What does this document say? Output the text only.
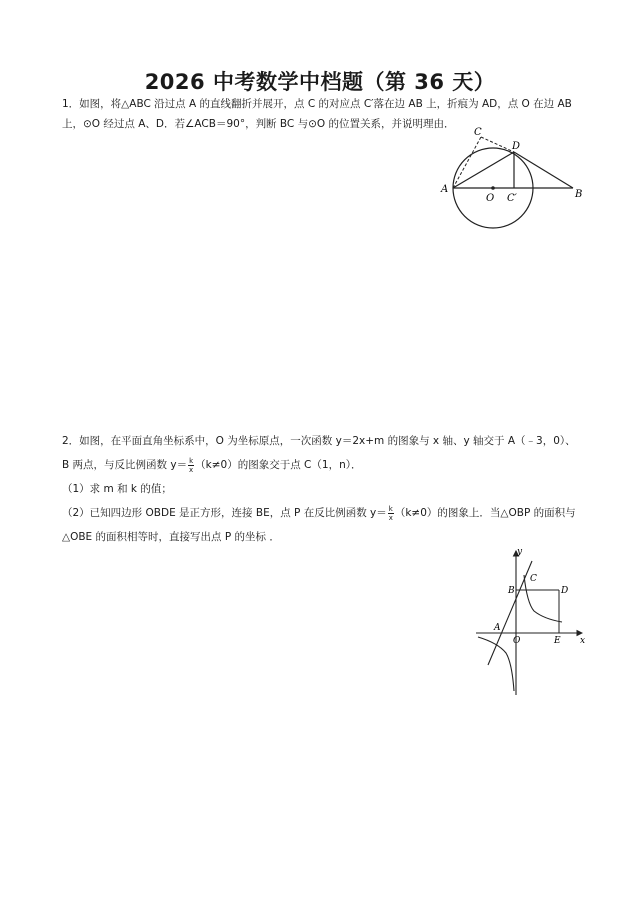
2026 中考数学中档题（第 36 天）
1．如图，将△ABC 沿过点 A 的直线翻折并展开，点 C 的对应点 C′落在边 AB 上，折痕为 AD，点 O 在边 AB
上，⊙O 经过点 A、D．若∠ACB＝90°，判断 BC 与⊙O 的位置关系，并说明理由．
C
D
A	B
O C′
2．如图，在平面直角坐标系中，O 为坐标原点，一次函数 y＝2x+m 的图象与 x 轴、y 轴交于 A（﹣3，0）、
B 两点，与反比例函数 $y= \frac{k}{x} (k\ne 0)$的图象交于点 C（1，n）．
（1）求 m 和 k 的值；
（2）已知四边形 OBDE 是正方形，连接 BE，点 P 在反比例函数 $y= \frac{k}{x} (k\ne 0)$的图象上．当△OBP 的面积与
△OBE 的面积相等时，直接写出点 P 的坐标 ．
y
x
B
C
D
A
O	E
